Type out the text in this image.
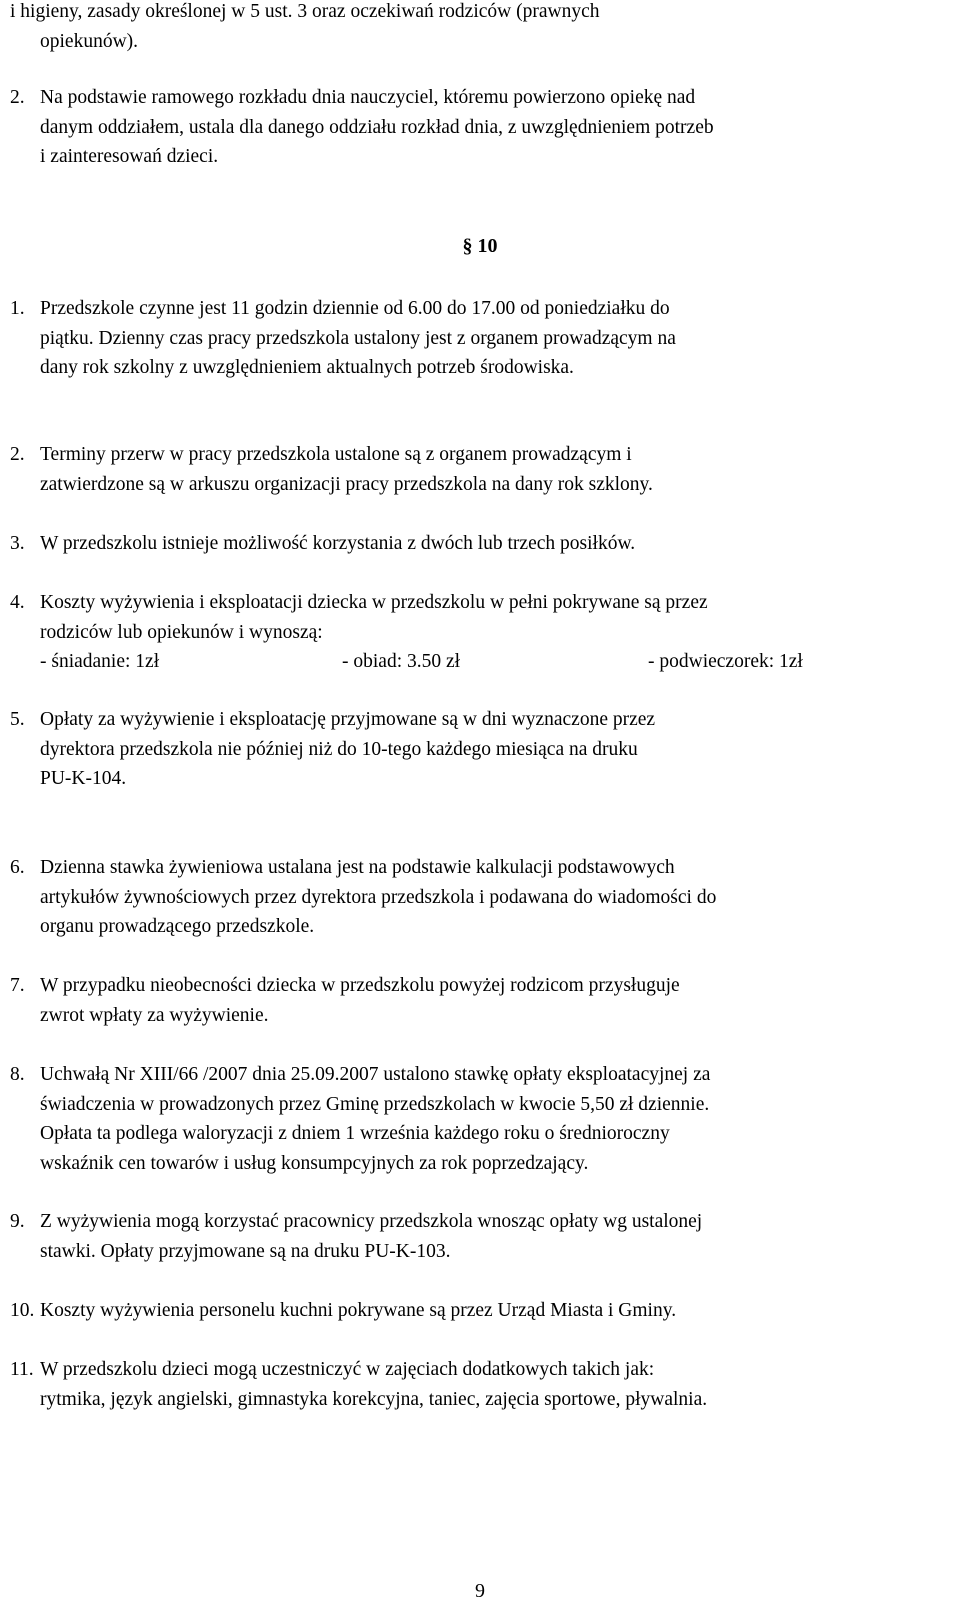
i higieny, zasady określonej w 5 ust. 3 oraz oczekiwań rodziców (prawnych
opiekunów).
2. Na podstawie ramowego rozkładu dnia nauczyciel, któremu powierzono opiekę nad
danym oddziałem, ustala dla danego oddziału rozkład dnia, z uwzględnieniem potrzeb
i zainteresowań dzieci.
§ 10
1. Przedszkole czynne jest 11 godzin dziennie od 6.00 do 17.00 od poniedziałku do
piątku. Dzienny czas pracy przedszkola ustalony jest z organem prowadzącym na
dany rok szkolny z uwzględnieniem aktualnych potrzeb środowiska.
2. Terminy przerw w pracy przedszkola ustalone są z organem prowadzącym i
zatwierdzone są w arkuszu organizacji pracy przedszkola na dany rok szklony.
3. W przedszkolu istnieje możliwość korzystania z dwóch lub trzech posiłków.
4. Koszty wyżywienia i eksploatacji dziecka w przedszkolu w pełni pokrywane są przez
rodziców lub opiekunów i wynoszą:
- śniadanie: 1zł	- obiad: 3.50 zł	- podwieczorek: 1zł
5. Opłaty za wyżywienie i eksploatację przyjmowane są w dni wyznaczone przez
dyrektora przedszkola nie później niż do 10-tego każdego miesiąca na druku
PU-K-104.
6. Dzienna stawka żywieniowa ustalana jest na podstawie kalkulacji podstawowych
artykułów żywnościowych przez dyrektora przedszkola i podawana do wiadomości do
organu prowadzącego przedszkole.
7. W przypadku nieobecności dziecka w przedszkolu powyżej rodzicom przysługuje
zwrot wpłaty za wyżywienie.
8. Uchwałą Nr XIII/66 /2007 dnia 25.09.2007 ustalono stawkę opłaty eksploatacyjnej za
świadczenia w prowadzonych przez Gminę przedszkolach w kwocie 5,50 zł dziennie.
Opłata ta podlega waloryzacji z dniem 1 września każdego roku o średnioroczny
wskaźnik cen towarów i usług konsumpcyjnych za rok poprzedzający.
9. Z wyżywienia mogą korzystać pracownicy przedszkola wnosząc opłaty wg ustalonej
stawki. Opłaty przyjmowane są na druku PU-K-103.
10. Koszty wyżywienia personelu kuchni pokrywane są przez Urząd Miasta i Gminy.
11. W przedszkolu dzieci mogą uczestniczyć w zajęciach dodatkowych takich jak:
rytmika, język angielski, gimnastyka korekcyjna, taniec, zajęcia sportowe, pływalnia.
9
